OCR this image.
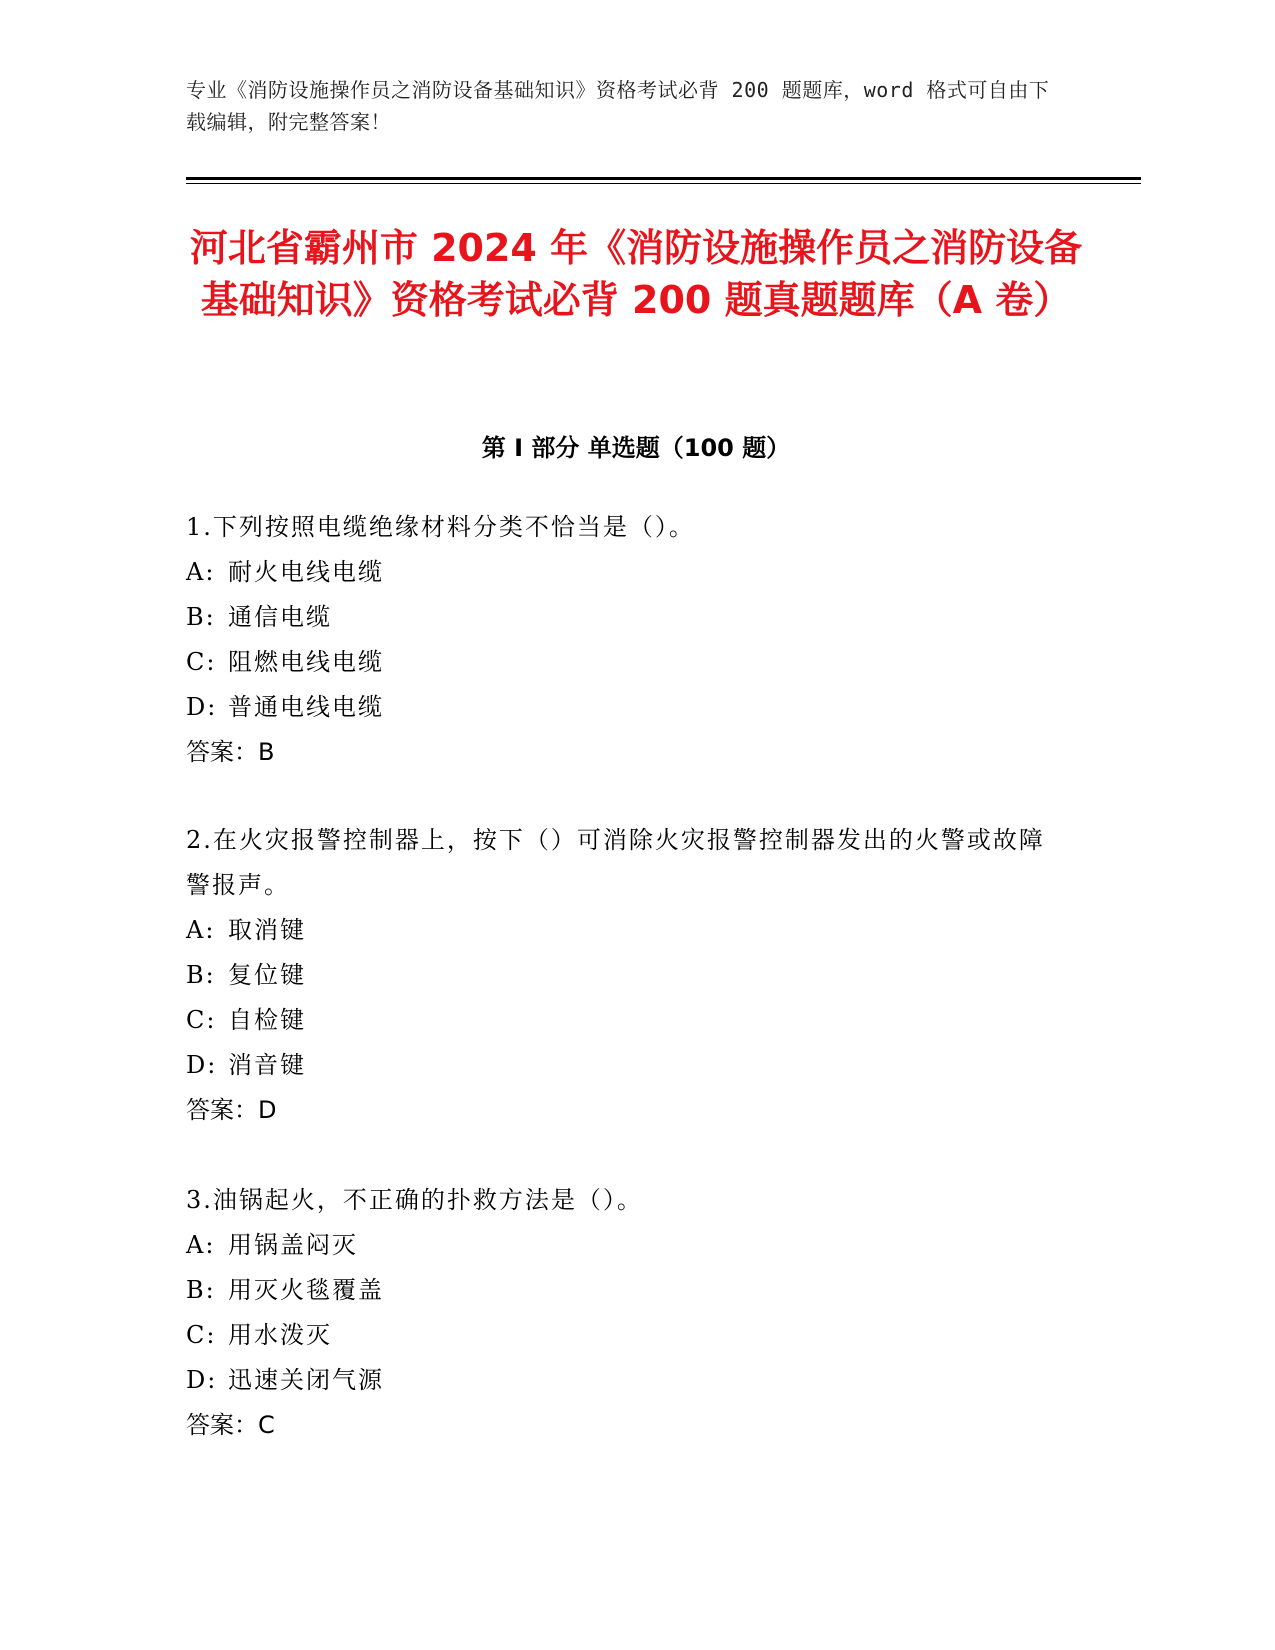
专业《消防设施操作员之消防设备基础知识》资格考试必背 200 题题库，word 格式可自由下载编辑，附完整答案！
河北省霸州市 2024 年《消防设施操作员之消防设备基础知识》资格考试必背 200 题真题题库（A 卷）
第 I 部分 单选题（100 题）

1.下列按照电缆绝缘材料分类不恰当是（）。

A: 耐火电线电缆

B: 通信电缆

C: 阻燃电线电缆

D: 普通电线电缆

答案：B

2.在火灾报警控制器上，按下（）可消除火灾报警控制器发出的火警或故障警报声。

A: 取消键

B: 复位键

C: 自检键

D: 消音键

答案：D

3.油锅起火，不正确的扑救方法是（）。

A: 用锅盖闷灭

B: 用灭火毯覆盖

C: 用水泼灭

D: 迅速关闭气源

答案：C
